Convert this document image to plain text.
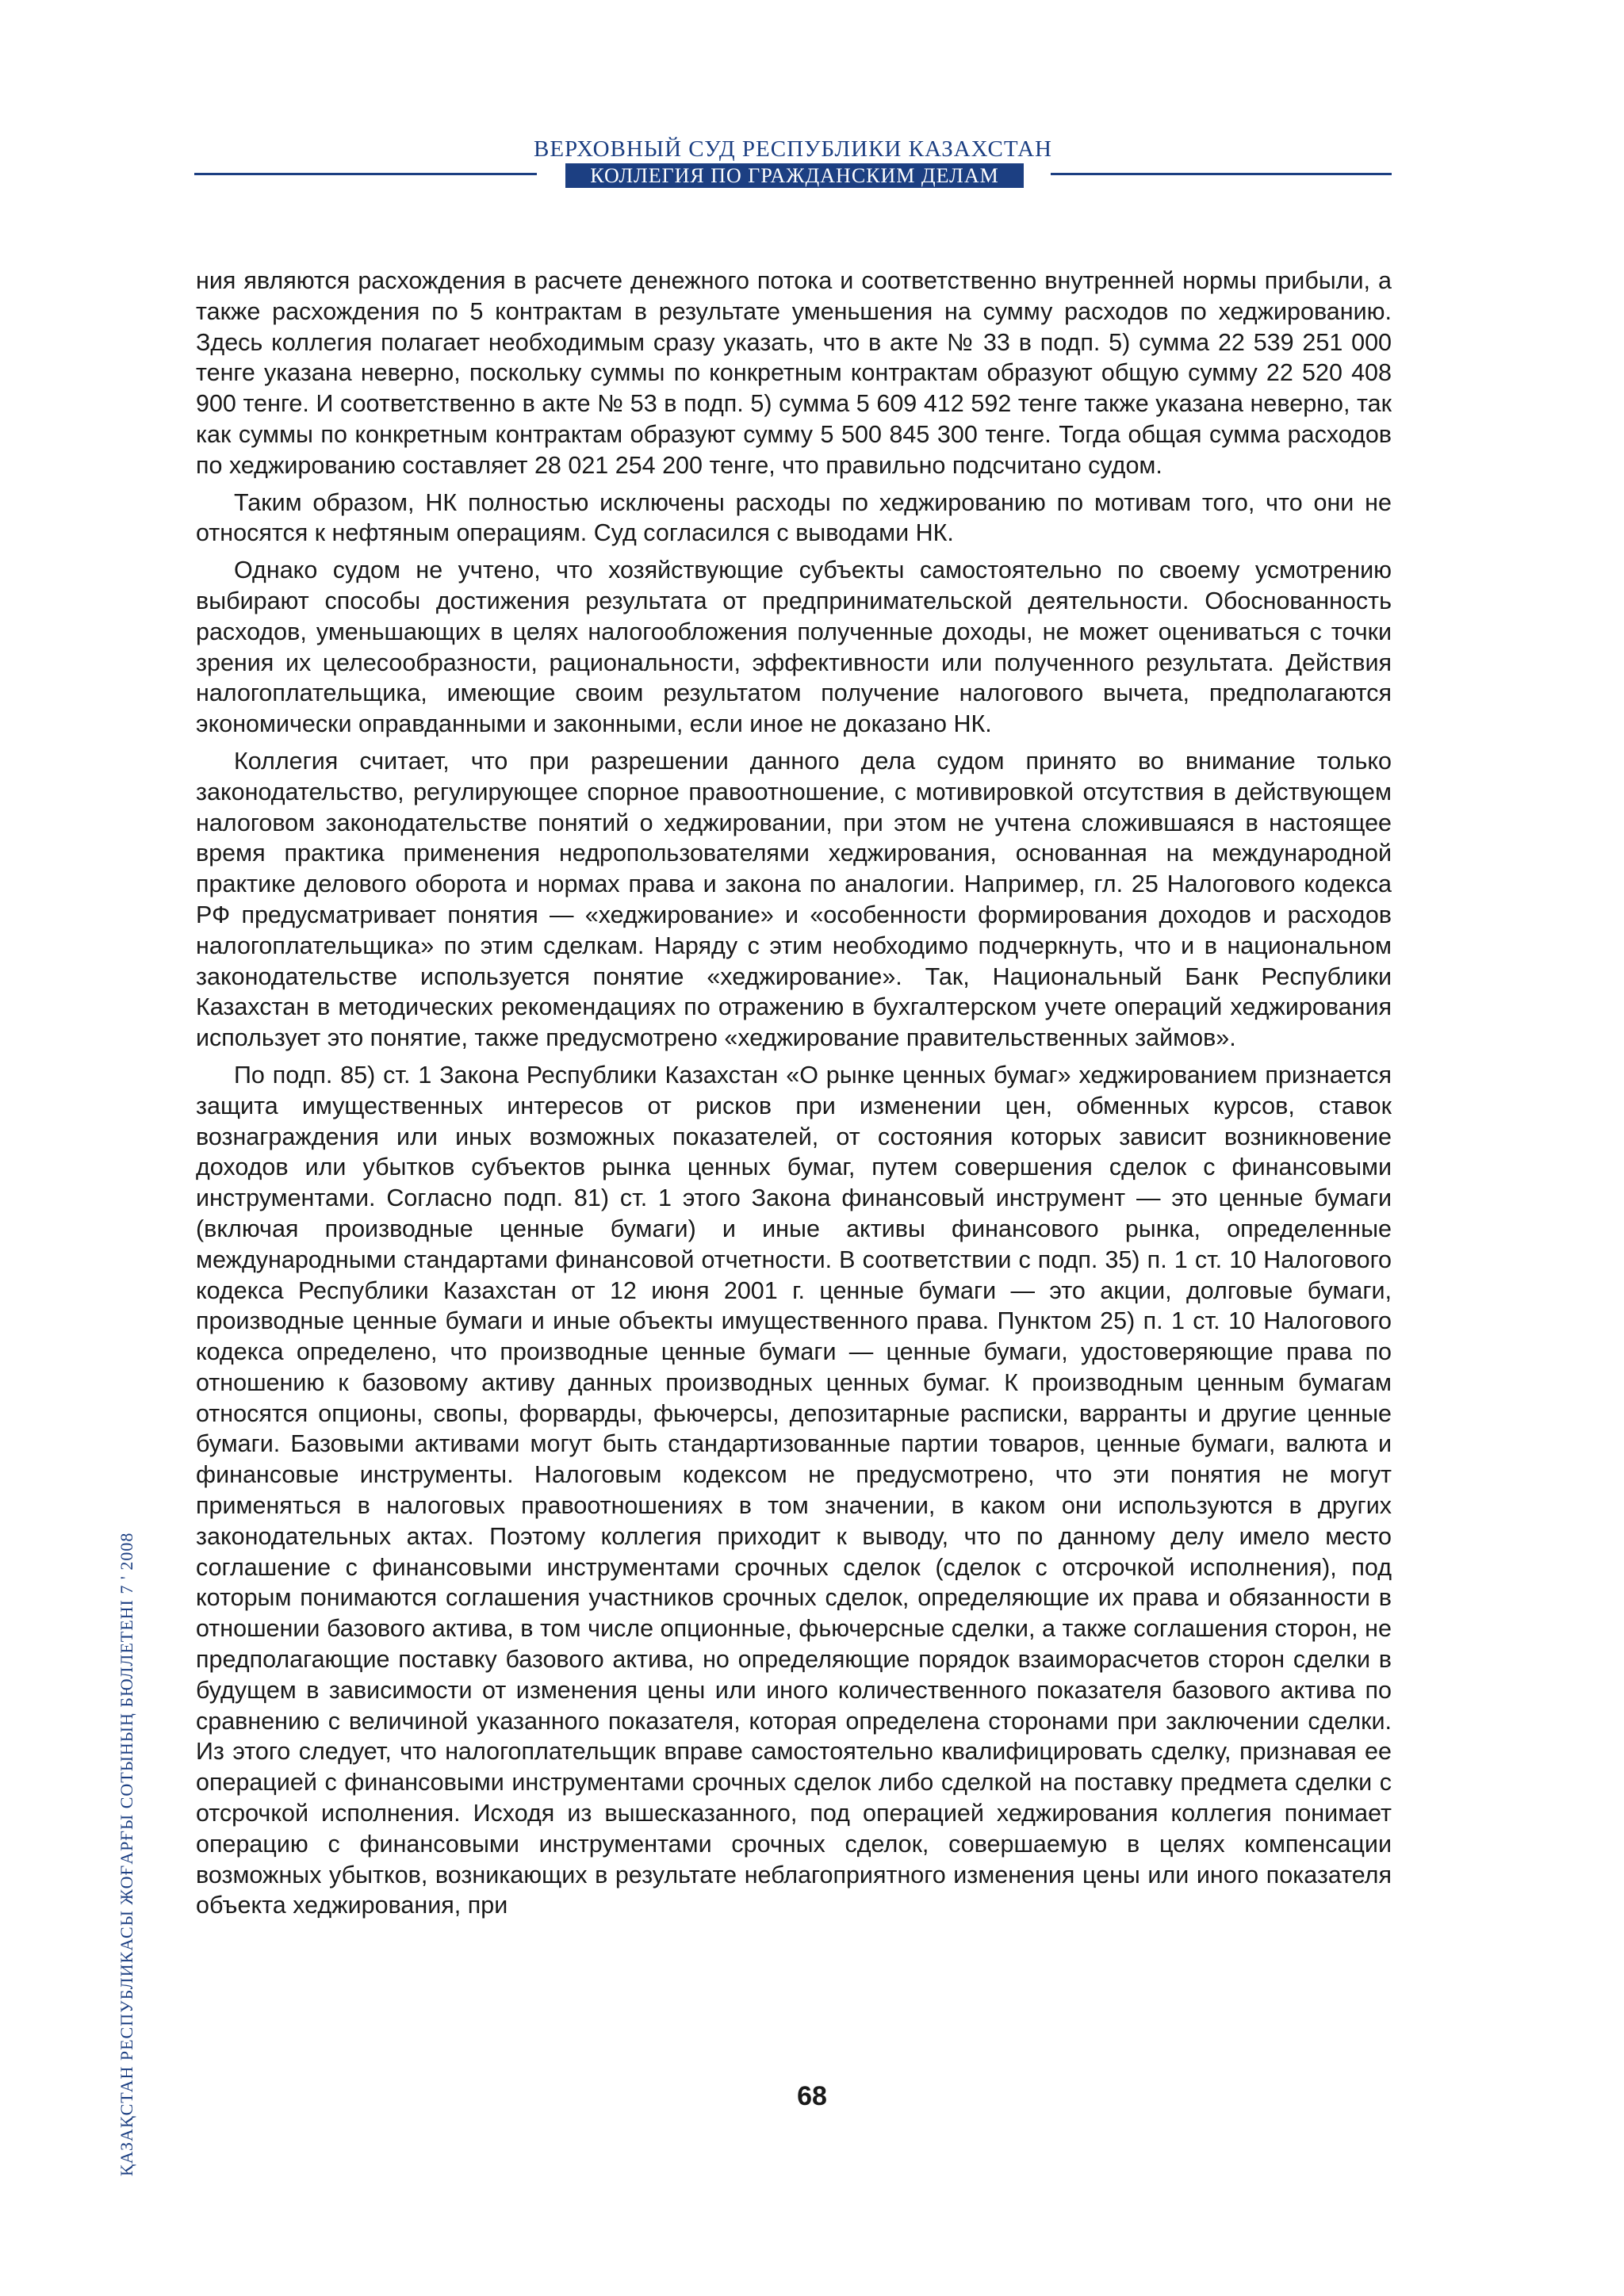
ВЕРХОВНЫЙ СУД РЕСПУБЛИКИ КАЗАХСТАН
КОЛЛЕГИЯ ПО ГРАЖДАНСКИМ ДЕЛАМ

ния являются расхождения в расчете денежного потока и соответственно внутренней нормы прибыли, а также расхождения по 5 контрактам в результате уменьшения на сумму расходов по хеджированию. Здесь коллегия полагает необходимым сразу указать, что в акте № 33 в подп. 5) сумма 22 539 251 000 тенге указана неверно, поскольку суммы по конкретным контрактам образуют общую сумму 22 520 408 900 тенге. И соответственно в акте № 53 в подп. 5) сумма 5 609 412 592 тенге также указана неверно, так как суммы по конкретным контрактам образуют сумму 5 500 845 300 тенге. Тогда общая сумма расходов по хеджированию составляет 28 021 254 200 тенге, что правильно подсчитано судом.

Таким образом, НК полностью исключены расходы по хеджированию по мотивам того, что они не относятся к нефтяным операциям. Суд согласился с выводами НК.

Однако судом не учтено, что хозяйствующие субъекты самостоятельно по своему усмотрению выбирают способы достижения результата от предпринимательской деятельности. Обоснованность расходов, уменьшающих в целях налогообложения полученные доходы, не может оцениваться с точки зрения их целесообразности, рациональности, эффективности или полученного результата. Действия налогоплательщика, имеющие своим результатом получение налогового вычета, предполагаются экономически оправданными и законными, если иное не доказано НК.

Коллегия считает, что при разрешении данного дела судом принято во внимание только законодательство, регулирующее спорное правоотношение, с мотивировкой отсутствия в действующем налоговом законодательстве понятий о хеджировании, при этом не учтена сложившаяся в настоящее время практика применения недропользователями хеджирования, основанная на международной практике делового оборота и нормах права и закона по аналогии. Например, гл. 25 Налогового кодекса РФ предусматривает понятия — «хеджирование» и «особенности формирования доходов и расходов налогоплательщика» по этим сделкам. Наряду с этим необходимо подчеркнуть, что и в национальном законодательстве используется понятие «хеджирование». Так, Национальный Банк Республики Казахстан в методических рекомендациях по отражению в бухгалтерском учете операций хеджирования использует это понятие, также предусмотрено «хеджирование правительственных займов».

По подп. 85) ст. 1 Закона Республики Казахстан «О рынке ценных бумаг» хеджированием признается защита имущественных интересов от рисков при изменении цен, обменных курсов, ставок вознаграждения или иных возможных показателей, от состояния которых зависит возникновение доходов или убытков субъектов рынка ценных бумаг, путем совершения сделок с финансовыми инструментами. Согласно подп. 81) ст. 1 этого Закона финансовый инструмент — это ценные бумаги (включая производные ценные бумаги) и иные активы финансового рынка, определенные международными стандартами финансовой отчетности. В соответствии с подп. 35) п. 1 ст. 10 Налогового кодекса Республики Казахстан от 12 июня 2001 г. ценные бумаги — это акции, долговые бумаги, производные ценные бумаги и иные объекты имущественного права. Пунктом 25) п. 1 ст. 10 Налогового кодекса определено, что производные ценные бумаги — ценные бумаги, удостоверяющие права по отношению к базовому активу данных производных ценных бумаг. К производным ценным бумагам относятся опционы, свопы, форварды, фьючерсы, депозитарные расписки, варранты и другие ценные бумаги. Базовыми активами могут быть стандартизованные партии товаров, ценные бумаги, валюта и финансовые инструменты. Налоговым кодексом не предусмотрено, что эти понятия не могут применяться в налоговых правоотношениях в том значении, в каком они используются в других законодательных актах. Поэтому коллегия приходит к выводу, что по данному делу имело место соглашение с финансовыми инструментами срочных сделок (сделок с отсрочкой исполнения), под которым понимаются соглашения участников срочных сделок, определяющие их права и обязанности в отношении базового актива, в том числе опционные, фьючерсные сделки, а также соглашения сторон, не предполагающие поставку базового актива, но определяющие порядок взаиморасчетов сторон сделки в будущем в зависимости от изменения цены или иного количественного показателя базового актива по сравнению с величиной указанного показателя, которая определена сторонами при заключении сделки. Из этого следует, что налогоплательщик вправе самостоятельно квалифицировать сделку, признавая ее операцией с финансовыми инструментами срочных сделок либо сделкой на поставку предмета сделки с отсрочкой исполнения. Исходя из вышесказанного, под операцией хеджирования коллегия понимает операцию с финансовыми инструментами срочных сделок, совершаемую в целях компенсации возможных убытков, возникающих в результате неблагоприятного изменения цены или иного показателя объекта хеджирования, при

68
ҚАЗАҚСТАН РЕСПУБЛИКАСЫ ЖОҒАРҒЫ СОТЫНЫҢ БЮЛЛЕТЕНІ 7 ' 2008
